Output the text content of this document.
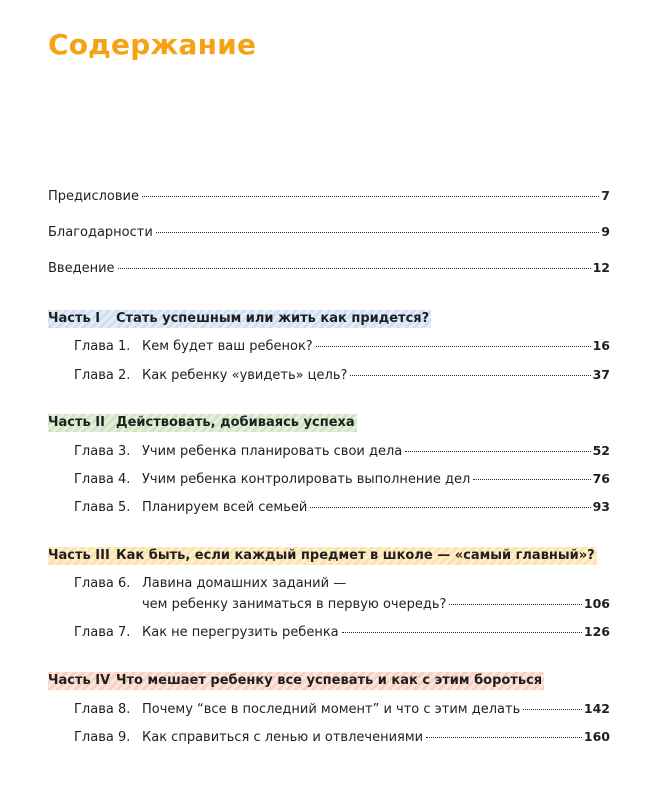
Содержание
Предисловие	7
Благодарности	9
Введение	12
Часть I	Стать успешным или жить как придется?
Глава 1. Кем будет ваш ребенок?	16
Глава 2. Как ребенку «увидеть» цель?	37
Часть II Действовать, добиваясь успеха
Глава 3. Учим ребенка планировать свои дела	52
Глава 4. Учим ребенка контролировать выполнение дел	76
Глава 5. Планируем всей семьей	93
Часть III Как быть, если каждый предмет в школе — «самый главный»?
Глава 6. Лавина домашних заданий —
чем ребенку заниматься в первую очередь?	106
Глава 7. Как не перегрузить ребенка	126
Часть IV Что мешает ребенку все успевать и как с этим бороться
Глава 8. Почему “все в последний момент” и что с этим делать	142
Глава 9. Как справиться с ленью и отвлечениями	160
